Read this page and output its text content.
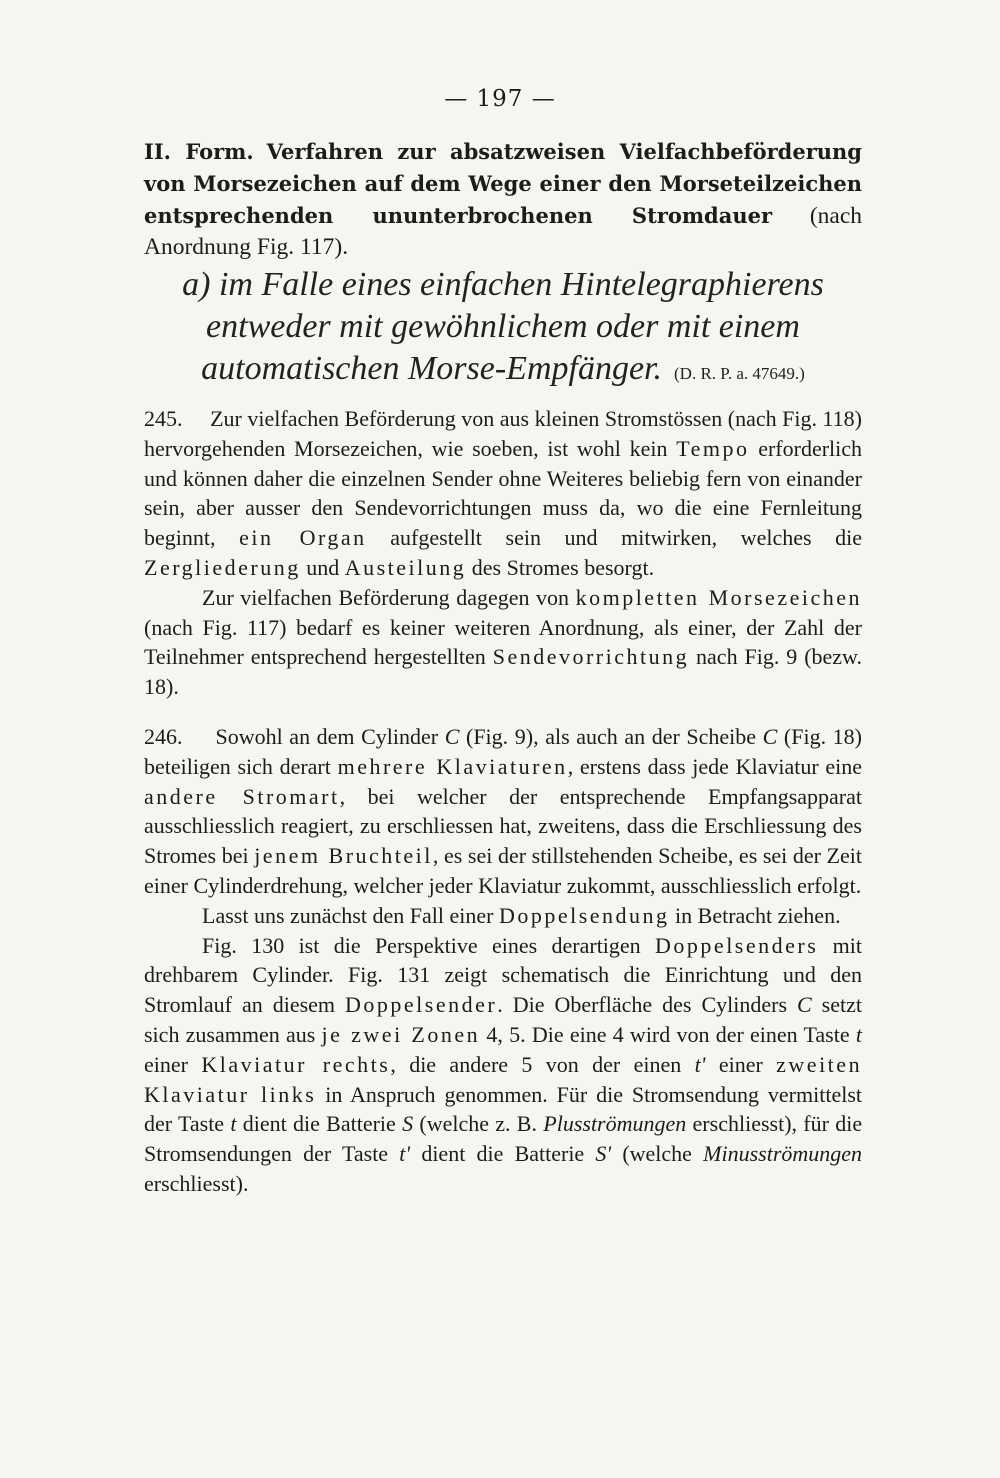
— 197 —
II. Form. Verfahren zur absatzweisen Vielfachbeförderung von Morsezeichen auf dem Wege einer den Morseteilzeichen entsprechenden ununterbrochenen Stromdauer (nach Anordnung Fig. 117).
a) im Falle eines einfachen Hintelegraphierens entweder mit gewöhnlichem oder mit einem automatischen Morse-Empfänger. (D. R. P. a. 47649.)

245. Zur vielfachen Beförderung von aus kleinen Stromstössen (nach Fig. 118) hervorgehenden Morsezeichen, wie soeben, ist wohl kein Tempo erforderlich und können daher die einzelnen Sender ohne Weiteres beliebig fern von einander sein, aber ausser den Sendevorrichtungen muss da, wo die eine Fernleitung beginnt, ein Organ aufgestellt sein und mitwirken, welches die Zergliederung und Austeilung des Stromes besorgt.

Zur vielfachen Beförderung dagegen von kompletten Morsezeichen (nach Fig. 117) bedarf es keiner weiteren Anordnung, als einer, der Zahl der Teilnehmer entsprechend hergestellten Sendevorrichtung nach Fig. 9 (bezw. 18).

246. Sowohl an dem Cylinder C (Fig. 9), als auch an der Scheibe C (Fig. 18) beteiligen sich derart mehrere Klaviaturen, erstens dass jede Klaviatur eine andere Stromart, bei welcher der entsprechende Empfangsapparat ausschliesslich reagiert, zu erschliessen hat, zweitens, dass die Erschliessung des Stromes bei jenem Bruchteil, es sei der stillstehenden Scheibe, es sei der Zeit einer Cylinderdrehung, welcher jeder Klaviatur zukommt, ausschliesslich erfolgt.

Lasst uns zunächst den Fall einer Doppelsendung in Betracht ziehen.

Fig. 130 ist die Perspektive eines derartigen Doppelsenders mit drehbarem Cylinder. Fig. 131 zeigt schematisch die Einrichtung und den Stromlauf an diesem Doppelsender. Die Oberfläche des Cylinders C setzt sich zusammen aus je zwei Zonen 4, 5. Die eine 4 wird von der einen Taste t einer Klaviatur rechts, die andere 5 von der einen t' einer zweiten Klaviatur links in Anspruch genommen. Für die Stromsendung vermittelst der Taste t dient die Batterie S (welche z. B. Plusströmungen erschliesst), für die Stromsendungen der Taste t' dient die Batterie S' (welche Minusströmungen erschliesst).
